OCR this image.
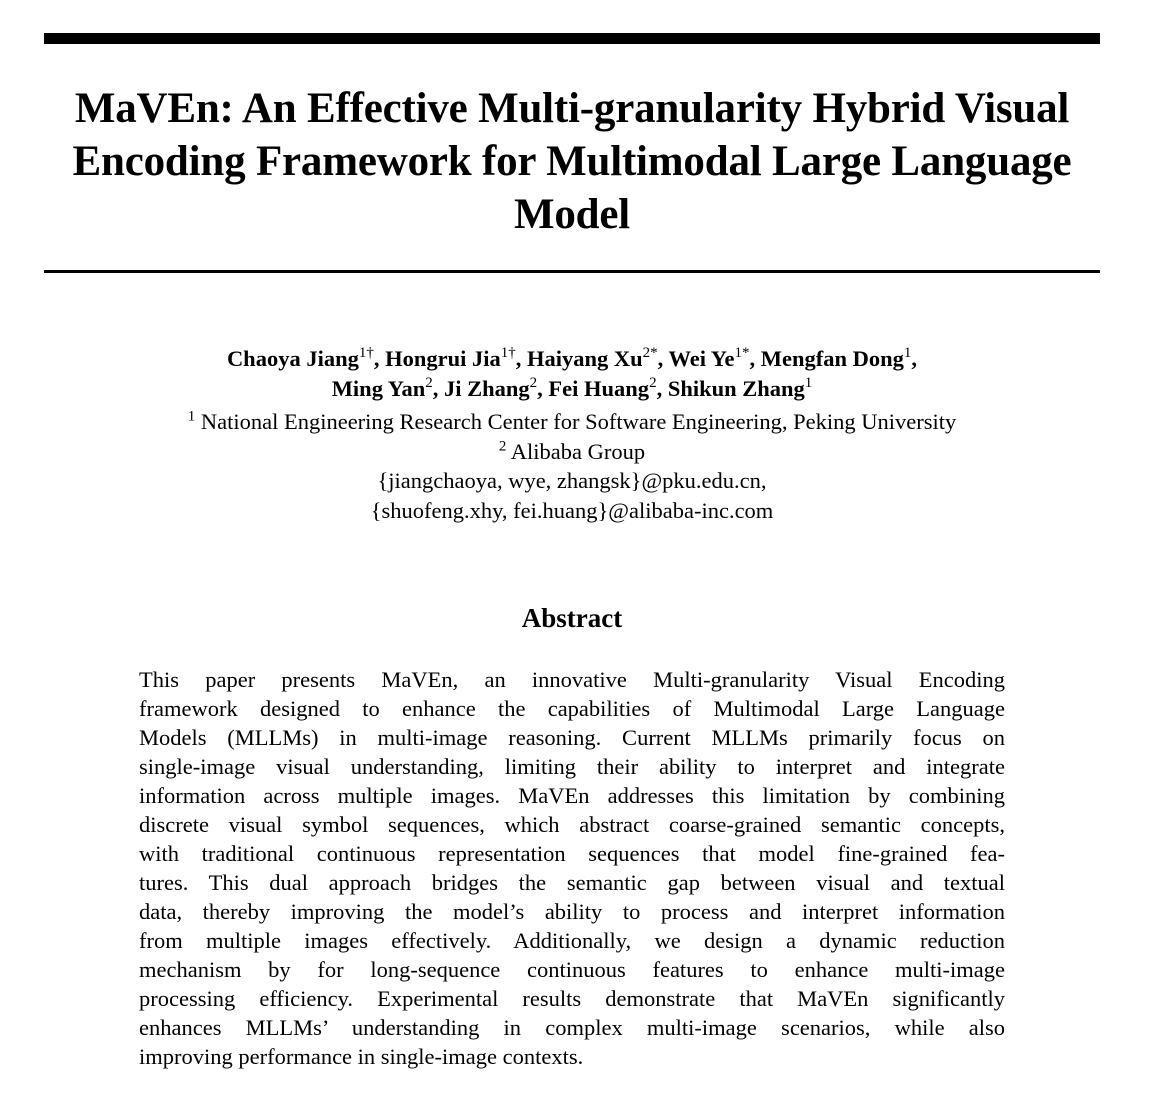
MaVEn: An Effective Multi-granularity Hybrid Visual
Encoding Framework for Multimodal Large Language
Model
Chaoya Jiang$^{1\dagger}$, Hongrui Jia$^{1\dagger}$, Haiyang $Xu^{2*}$, Wei $Ye^{1*}$, Mengfan Dong$^1$,
Ming Yan$^2$, Ji Zhang$^2$, Fei Huang$^2$, Shikun Zhang$^1$
$^1$ National Engineering Research Center for Software Engineering, Peking University
$^2$ Alibaba Group
{jiangchaoya, wye, zhangsk}@pku.edu.cn,
{shuofeng.xhy, fei.huang}@alibaba-inc.com
Abstract
This paper presents MaVEn, an innovative Multi-granularity Visual Encoding
framework designed to enhance the capabilities of Multimodal Large Language
Models (MLLMs) in multi-image reasoning. Current MLLMs primarily focus on
single-image visual understanding, limiting their ability to interpret and integrate
information across multiple images. MaVEn addresses this limitation by combining
discrete visual symbol sequences, which abstract coarse-grained semantic concepts,
with traditional continuous representation sequences that model fine-grained fea-
tures. This dual approach bridges the semantic gap between visual and textual
data, thereby improving the model’s ability to process and interpret information
from multiple images effectively. Additionally, we design a dynamic reduction
mechanism by for long-sequence continuous features to enhance multi-image
processing efficiency. Experimental results demonstrate that MaVEn significantly
enhances MLLMs’ understanding in complex multi-image scenarios, while also
improving performance in single-image contexts.
